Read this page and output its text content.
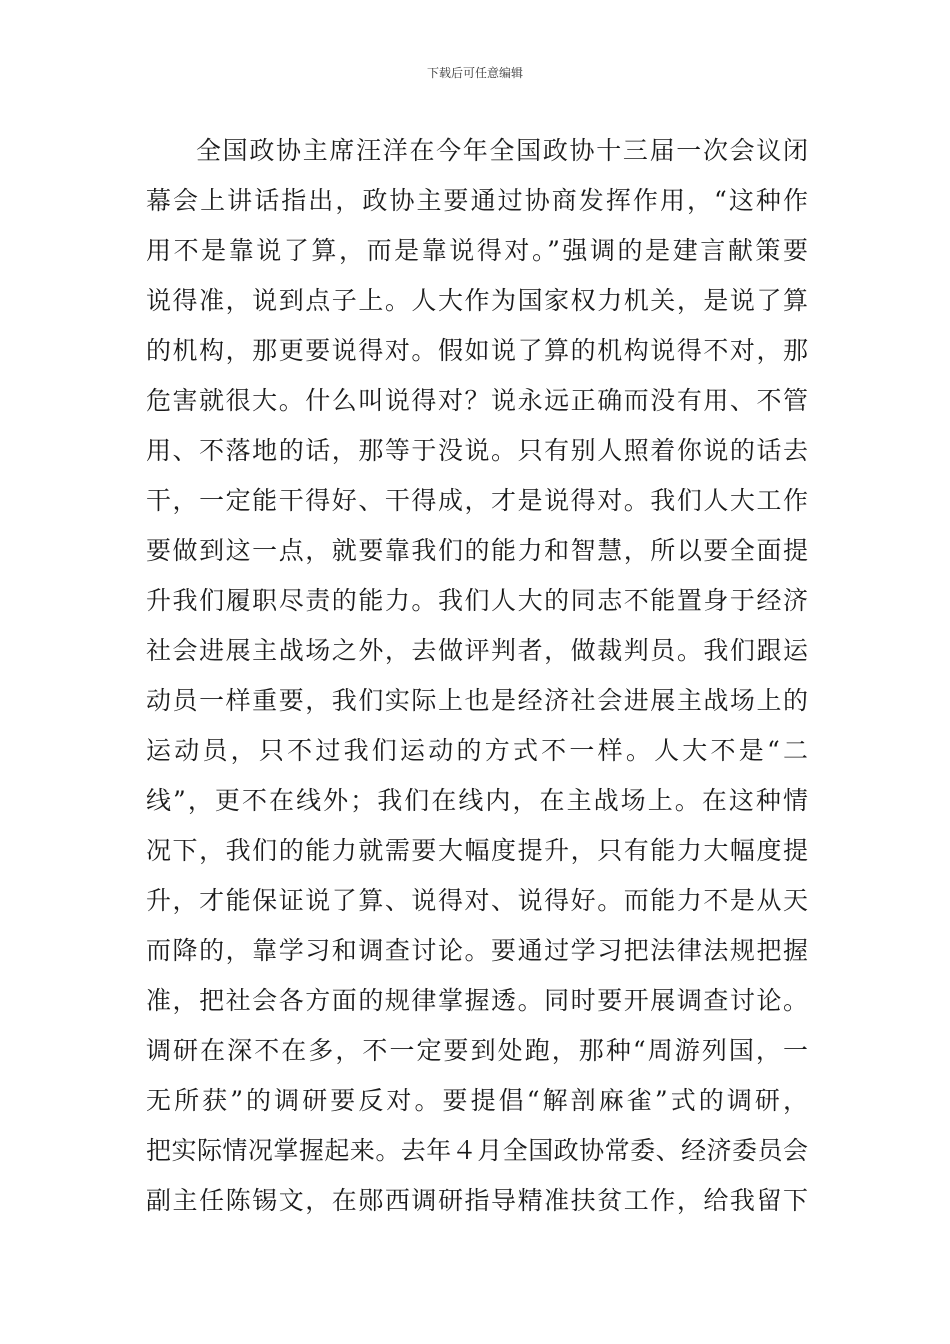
下载后可任意编辑
全国政协主席汪洋在今年全国政协十三届一次会议闭
幕会上讲话指出，政协主要通过协商发挥作用，“这种作
用不是靠说了算，而是靠说得对。”强调的是建言献策要
说得准，说到点子上。人大作为国家权力机关，是说了算
的机构，那更要说得对。假如说了算的机构说得不对，那
危害就很大。什么叫说得对？说永远正确而没有用、不管
用、不落地的话，那等于没说。只有别人照着你说的话去
干，一定能干得好、干得成，才是说得对。我们人大工作
要做到这一点，就要靠我们的能力和智慧，所以要全面提
升我们履职尽责的能力。我们人大的同志不能置身于经济
社会进展主战场之外，去做评判者，做裁判员。我们跟运
动员一样重要，我们实际上也是经济社会进展主战场上的
运动员，只不过我们运动的方式不一样。人大不是“二
线”，更不在线外；我们在线内，在主战场上。在这种情
况下，我们的能力就需要大幅度提升，只有能力大幅度提
升，才能保证说了算、说得对、说得好。而能力不是从天
而降的，靠学习和调查讨论。要通过学习把法律法规把握
准，把社会各方面的规律掌握透。同时要开展调查讨论。
调研在深不在多，不一定要到处跑，那种“周游列国，一
无所获”的调研要反对。要提倡“解剖麻雀”式的调研，
把实际情况掌握起来。去年４月全国政协常委、经济委员会
副主任陈锡文，在郧西调研指导精准扶贫工作，给我留下
